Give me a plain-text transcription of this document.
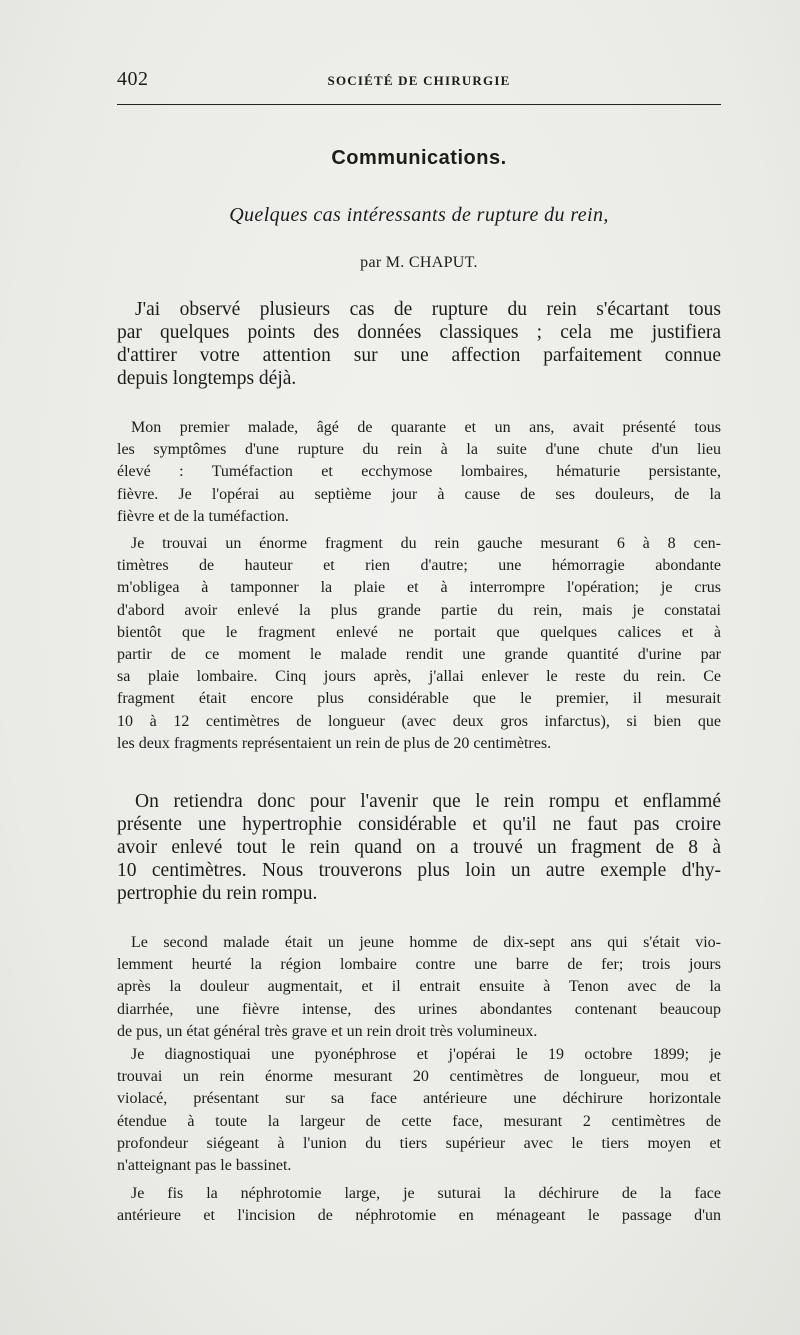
402	SOCIÉTÉ DE CHIRURGIE
Communications.
Quelques cas intéressants de rupture du rein,
par M. CHAPUT.
J'ai observé plusieurs cas de rupture du rein s'écartant tous
par quelques points des données classiques ; cela me justifiera
d'attirer votre attention sur une affection parfaitement connue
depuis longtemps déjà.
Mon premier malade, âgé de quarante et un ans, avait présenté tous
les symptômes d'une rupture du rein à la suite d'une chute d'un lieu
élevé : Tuméfaction et ecchymose lombaires, hématurie persistante,
fièvre. Je l'opérai au septième jour à cause de ses douleurs, de la
fièvre et de la tuméfaction.
Je trouvai un énorme fragment du rein gauche mesurant 6 à 8 cen-
timètres de hauteur et rien d'autre; une hémorragie abondante
m'obligea à tamponner la plaie et à interrompre l'opération; je crus
d'abord avoir enlevé la plus grande partie du rein, mais je constatai
bientôt que le fragment enlevé ne portait que quelques calices et à
partir de ce moment le malade rendit une grande quantité d'urine par
sa plaie lombaire. Cinq jours après, j'allai enlever le reste du rein. Ce
fragment était encore plus considérable que le premier, il mesurait
10 à 12 centimètres de longueur (avec deux gros infarctus), si bien que
les deux fragments représentaient un rein de plus de 20 centimètres.
On retiendra donc pour l'avenir que le rein rompu et enflammé
présente une hypertrophie considérable et qu'il ne faut pas croire
avoir enlevé tout le rein quand on a trouvé un fragment de 8 à
10 centimètres. Nous trouverons plus loin un autre exemple d'hy-
pertrophie du rein rompu.
Le second malade était un jeune homme de dix-sept ans qui s'était vio-
lemment heurté la région lombaire contre une barre de fer; trois jours
après la douleur augmentait, et il entrait ensuite à Tenon avec de la
diarrhée, une fièvre intense, des urines abondantes contenant beaucoup
de pus, un état général très grave et un rein droit très volumineux.
Je diagnostiquai une pyonéphrose et j'opérai le 19 octobre 1899; je
trouvai un rein énorme mesurant 20 centimètres de longueur, mou et
violacé, présentant sur sa face antérieure une déchirure horizontale
étendue à toute la largeur de cette face, mesurant 2 centimètres de
profondeur siégeant à l'union du tiers supérieur avec le tiers moyen et
n'atteignant pas le bassinet.
Je fis la néphrotomie large, je suturai la déchirure de la face
antérieure et l'incision de néphrotomie en ménageant le passage d'un
